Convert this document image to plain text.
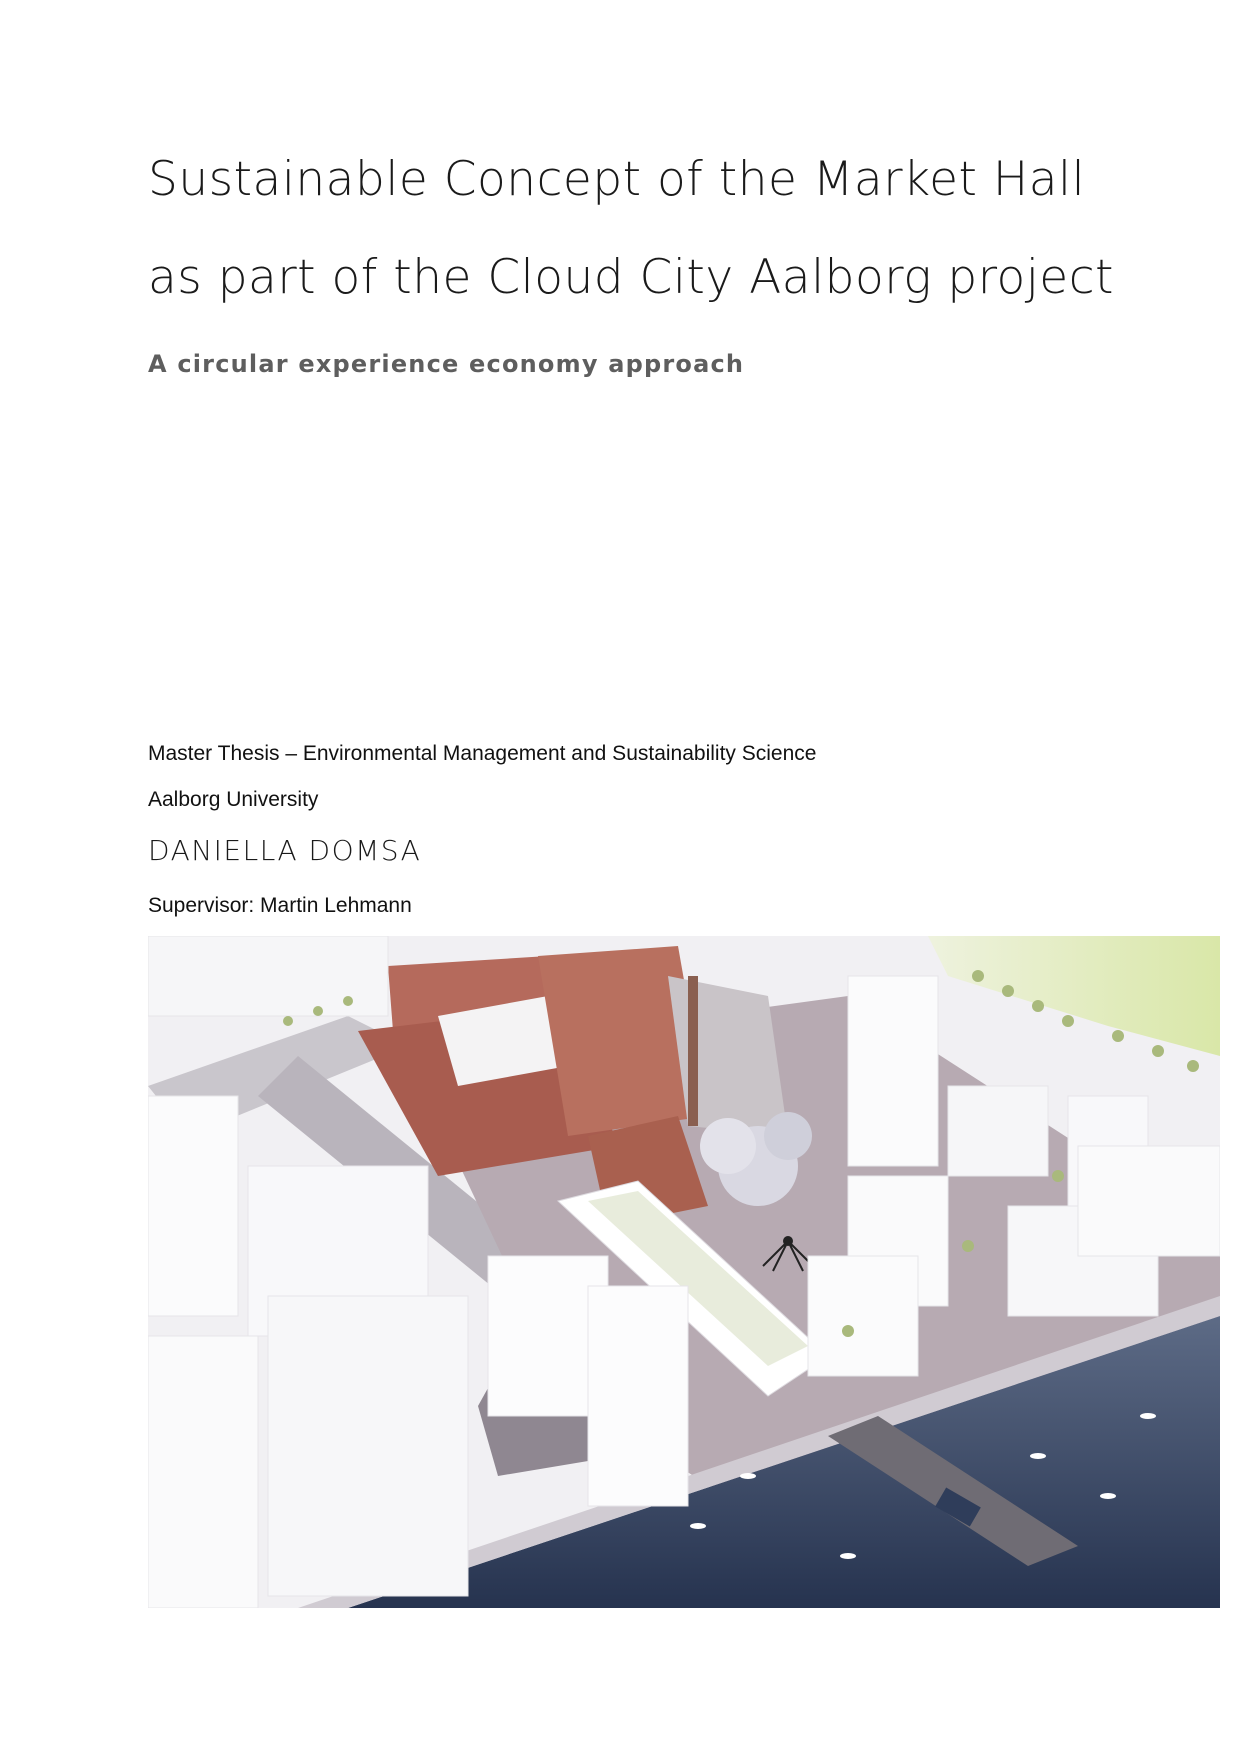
Sustainable Concept of the Market Hall
as part of the Cloud City Aalborg project
A circular experience economy approach
Master Thesis – Environmental Management and Sustainability Science
Aalborg University
DANIELLA DOMSA
Supervisor: Martin Lehmann
